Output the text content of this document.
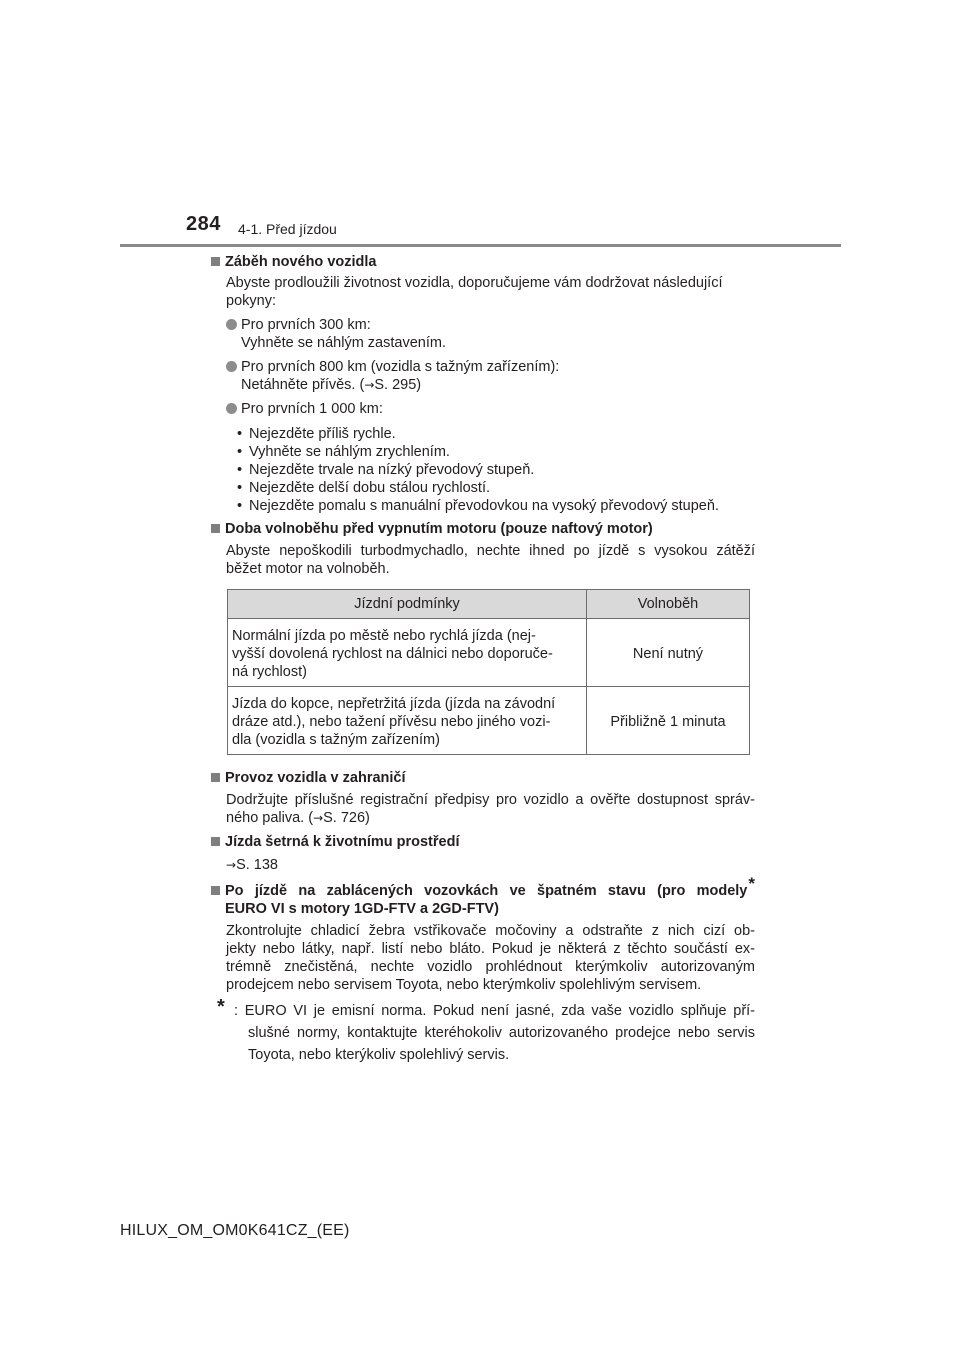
284 4-1. Před jízdou
Záběh nového vozidla
Abyste prodloužili životnost vozidla, doporučujeme vám dodržovat následující
pokyny:
Pro prvních 300 km:
Vyhněte se náhlým zastavením.
Pro prvních 800 km (vozidla s tažným zařízením):
Netáhněte přívěs. (→S. 295)
Pro prvních 1 000 km:
• Nejezděte příliš rychle.
• Vyhněte se náhlým zrychlením.
• Nejezděte trvale na nízký převodový stupeň.
• Nejezděte delší dobu stálou rychlostí.
• Nejezděte pomalu s manuální převodovkou na vysoký převodový stupeň.
Doba volnoběhu před vypnutím motoru (pouze naftový motor)
Abyste nepoškodili turbodmychadlo, nechte ihned po jízdě s vysokou zátěží
běžet motor na volnoběh.
Jízdní podmínky	Volnoběh

Normální jízda po městě nebo rychlá jízda (nej-
vyšší dovolená rychlost na dálnici nebo doporuče-
ná rychlost)	Není nutný

Jízda do kopce, nepřetržitá jízda (jízda na závodní
dráze atd.), nebo tažení přívěsu nebo jiného vozi-
dla (vozidla s tažným zařízením)	Přibližně 1 minuta
Provoz vozidla v zahraničí
Dodržujte příslušné registrační předpisy pro vozidlo a ověřte dostupnost správ-
ného paliva. (→S. 726)
Jízda šetrná k životnímu prostředí
→S. 138
Po jízdě na zablácených vozovkách ve špatném stavu (pro modely*
EURO VI s motory 1GD-FTV a 2GD-FTV)
Zkontrolujte chladicí žebra vstřikovače močoviny a odstraňte z nich cizí ob-
jekty nebo látky, např. listí nebo bláto. Pokud je některá z těchto součástí ex-
trémně znečistěná, nechte vozidlo prohlédnout kterýmkoliv autorizovaným
prodejcem nebo servisem Toyota, nebo kterýmkoliv spolehlivým servisem.
* : EURO VI je emisní norma. Pokud není jasné, zda vaše vozidlo splňuje pří-
slušné normy, kontaktujte kteréhokoliv autorizovaného prodejce nebo servis
Toyota, nebo kterýkoliv spolehlivý servis.
HILUX_OM_OM0K641CZ_(EE)
